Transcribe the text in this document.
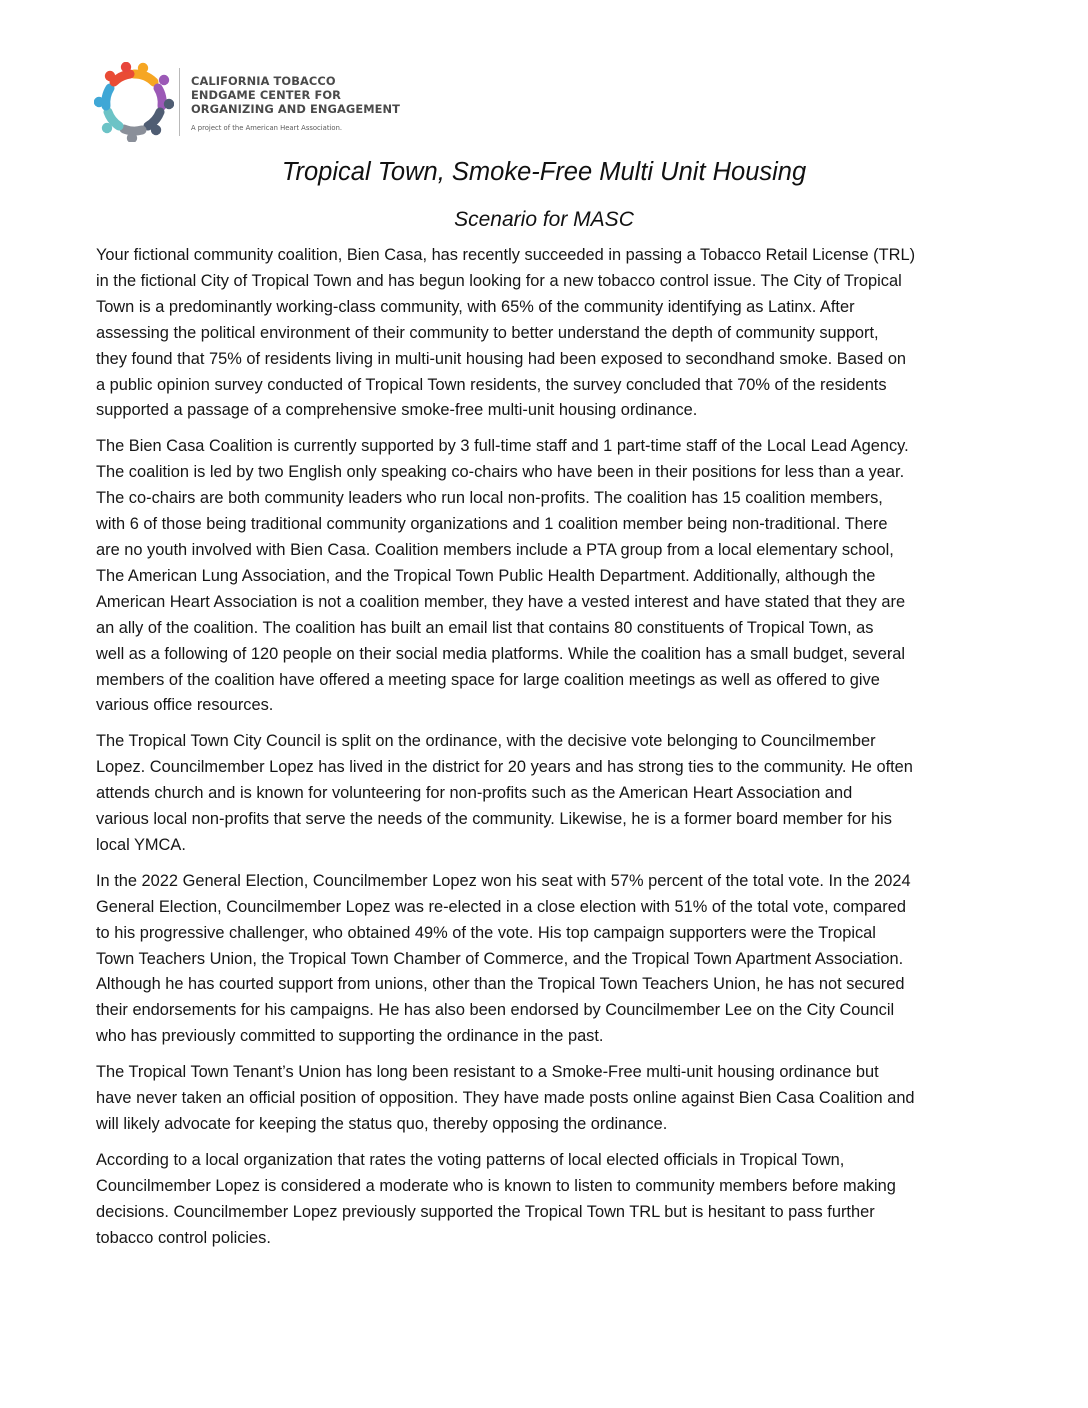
CALIFORNIA TOBACCO
ENDGAME CENTER FOR
ORGANIZING AND ENGAGEMENT
A project of the American Heart Association.
Tropical Town, Smoke-Free Multi Unit Housing
Scenario for MASC

Your fictional community coalition, Bien Casa, has recently succeeded in passing a Tobacco Retail License (TRL)
in the fictional City of Tropical Town and has begun looking for a new tobacco control issue. The City of Tropical
Town is a predominantly working-class community, with 65% of the community identifying as Latinx. After
assessing the political environment of their community to better understand the depth of community support,
they found that 75% of residents living in multi-unit housing had been exposed to secondhand smoke. Based on
a public opinion survey conducted of Tropical Town residents, the survey concluded that 70% of the residents
supported a passage of a comprehensive smoke-free multi-unit housing ordinance.

The Bien Casa Coalition is currently supported by 3 full-time staff and 1 part-time staff of the Local Lead Agency.
The coalition is led by two English only speaking co-chairs who have been in their positions for less than a year.
The co-chairs are both community leaders who run local non-profits. The coalition has 15 coalition members,
with 6 of those being traditional community organizations and 1 coalition member being non-traditional. There
are no youth involved with Bien Casa. Coalition members include a PTA group from a local elementary school,
The American Lung Association, and the Tropical Town Public Health Department. Additionally, although the
American Heart Association is not a coalition member, they have a vested interest and have stated that they are
an ally of the coalition. The coalition has built an email list that contains 80 constituents of Tropical Town, as
well as a following of 120 people on their social media platforms. While the coalition has a small budget, several
members of the coalition have offered a meeting space for large coalition meetings as well as offered to give
various office resources.

The Tropical Town City Council is split on the ordinance, with the decisive vote belonging to Councilmember
Lopez. Councilmember Lopez has lived in the district for 20 years and has strong ties to the community. He often
attends church and is known for volunteering for non-profits such as the American Heart Association and
various local non-profits that serve the needs of the community. Likewise, he is a former board member for his
local YMCA.

In the 2022 General Election, Councilmember Lopez won his seat with 57% percent of the total vote. In the 2024
General Election, Councilmember Lopez was re-elected in a close election with 51% of the total vote, compared
to his progressive challenger, who obtained 49% of the vote. His top campaign supporters were the Tropical
Town Teachers Union, the Tropical Town Chamber of Commerce, and the Tropical Town Apartment Association.
Although he has courted support from unions, other than the Tropical Town Teachers Union, he has not secured
their endorsements for his campaigns. He has also been endorsed by Councilmember Lee on the City Council
who has previously committed to supporting the ordinance in the past.

The Tropical Town Tenant’s Union has long been resistant to a Smoke-Free multi-unit housing ordinance but
have never taken an official position of opposition. They have made posts online against Bien Casa Coalition and
will likely advocate for keeping the status quo, thereby opposing the ordinance.

According to a local organization that rates the voting patterns of local elected officials in Tropical Town,
Councilmember Lopez is considered a moderate who is known to listen to community members before making
decisions. Councilmember Lopez previously supported the Tropical Town TRL but is hesitant to pass further
tobacco control policies.
